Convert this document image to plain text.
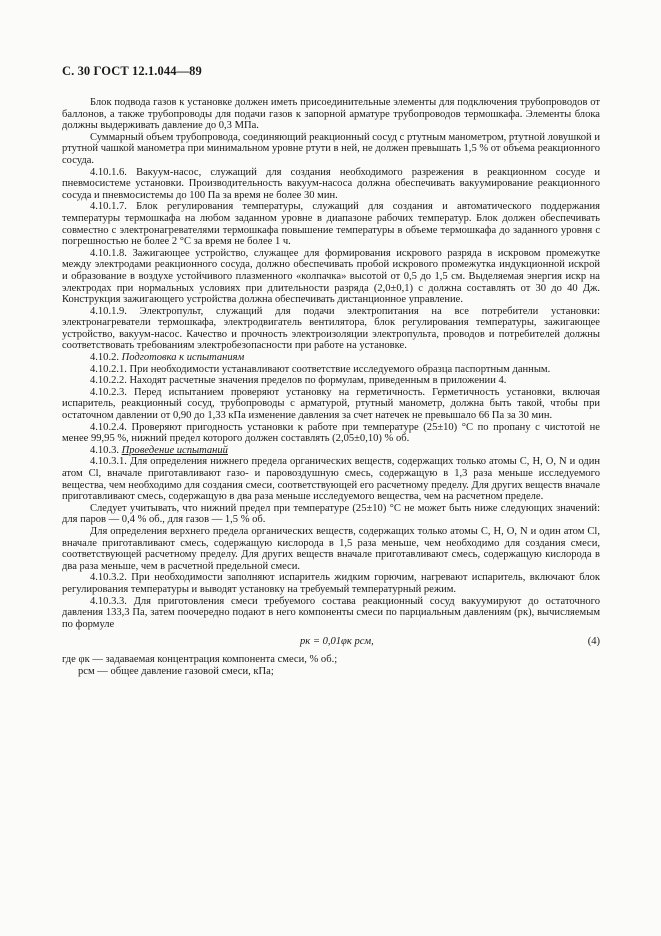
С. 30 ГОСТ 12.1.044—89

Блок подвода газов к установке должен иметь присоединительные элементы для подключения трубопроводов от баллонов, а также трубопроводы для подачи газов к запорной арматуре трубопроводов термошкафа. Элементы блока должны выдерживать давление до 0,3 МПа.

Суммарный объем трубопровода, соединяющий реакционный сосуд с ртутным манометром, ртутной ловушкой и ртутной чашкой манометра при минимальном уровне ртути в ней, не должен превышать 1,5 % от объема реакционного сосуда.

4.10.1.6. Вакуум-насос, служащий для создания необходимого разрежения в реакционном сосуде и пневмосистеме установки. Производительность вакуум-насоса должна обеспечивать вакуумирование реакционного сосуда и пневмосистемы до 100 Па за время не более 30 мин.

4.10.1.7. Блок регулирования температуры, служащий для создания и автоматического поддержания температуры термошкафа на любом заданном уровне в диапазоне рабочих температур. Блок должен обеспечивать совместно с электронагревателями термошкафа повышение температуры в объеме термошкафа до заданного уровня с погрешностью не более 2 °С за время не более 1 ч.

4.10.1.8. Зажигающее устройство, служащее для формирования искрового разряда в искровом промежутке между электродами реакционного сосуда, должно обеспечивать пробой искрового промежутка индукционной искрой и образование в воздухе устойчивого плазменного «колпачка» высотой от 0,5 до 1,5 см. Выделяемая энергия искр на электродах при нормальных условиях при длительности разряда (2,0±0,1) с должна составлять от 30 до 40 Дж. Конструкция зажигающего устройства должна обеспечивать дистанционное управление.

4.10.1.9. Электропульт, служащий для подачи электропитания на все потребители установки: электронагреватели термошкафа, электродвигатель вентилятора, блок регулирования температуры, зажигающее устройство, вакуум-насос. Качество и прочность электроизоляции электропульта, проводов и потребителей должны соответствовать требованиям электробезопасности при работе на установке.

4.10.2. Подготовка к испытаниям

4.10.2.1. При необходимости устанавливают соответствие исследуемого образца паспортным данным.

4.10.2.2. Находят расчетные значения пределов по формулам, приведенным в приложении 4.

4.10.2.3. Перед испытанием проверяют установку на герметичность. Герметичность установки, включая испаритель, реакционный сосуд, трубопроводы с арматурой, ртутный манометр, должна быть такой, чтобы при остаточном давлении от 0,90 до 1,33 кПа изменение давления за счет натечек не превышало 66 Па за 30 мин.

4.10.2.4. Проверяют пригодность установки к работе при температуре (25±10) °С по пропану с чистотой не менее 99,95 %, нижний предел которого должен составлять (2,05±0,10) % об.

4.10.3. Проведение испытаний

4.10.3.1. Для определения нижнего предела органических веществ, содержащих только атомы С, Н, О, N и один атом Cl, вначале приготавливают газо- и паровоздушную смесь, содержащую в 1,3 раза меньше исследуемого вещества, чем необходимо для создания смеси, соответствующей его расчетному пределу. Для других веществ вначале приготавливают смесь, содержащую в два раза меньше исследуемого вещества, чем на расчетном пределе.

Следует учитывать, что нижний предел при температуре (25±10) °С не может быть ниже следующих значений: для паров — 0,4 % об., для газов — 1,5 % об.

Для определения верхнего предела органических веществ, содержащих только атомы С, Н, О, N и один атом Cl, вначале приготавливают смесь, содержащую кислорода в 1,5 раза меньше, чем необходимо для создания смеси, соответствующей расчетному пределу. Для других веществ вначале приготавливают смесь, содержащую кислорода в два раза меньше, чем в расчетной предельной смеси.

4.10.3.2. При необходимости заполняют испаритель жидким горючим, нагревают испаритель, включают блок регулирования температуры и выводят установку на требуемый температурный режим.

4.10.3.3. Для приготовления смеси требуемого состава реакционный сосуд вакуумируют до остаточного давления 133,3 Па, затем поочередно подают в него компоненты смеси по парциальным давлениям (pк), вычисляемым по формуле

pк = 0,01φк pсм,	(4)
где φк — задаваемая концентрация компонента смеси, % об.;
pсм — общее давление газовой смеси, кПа;
